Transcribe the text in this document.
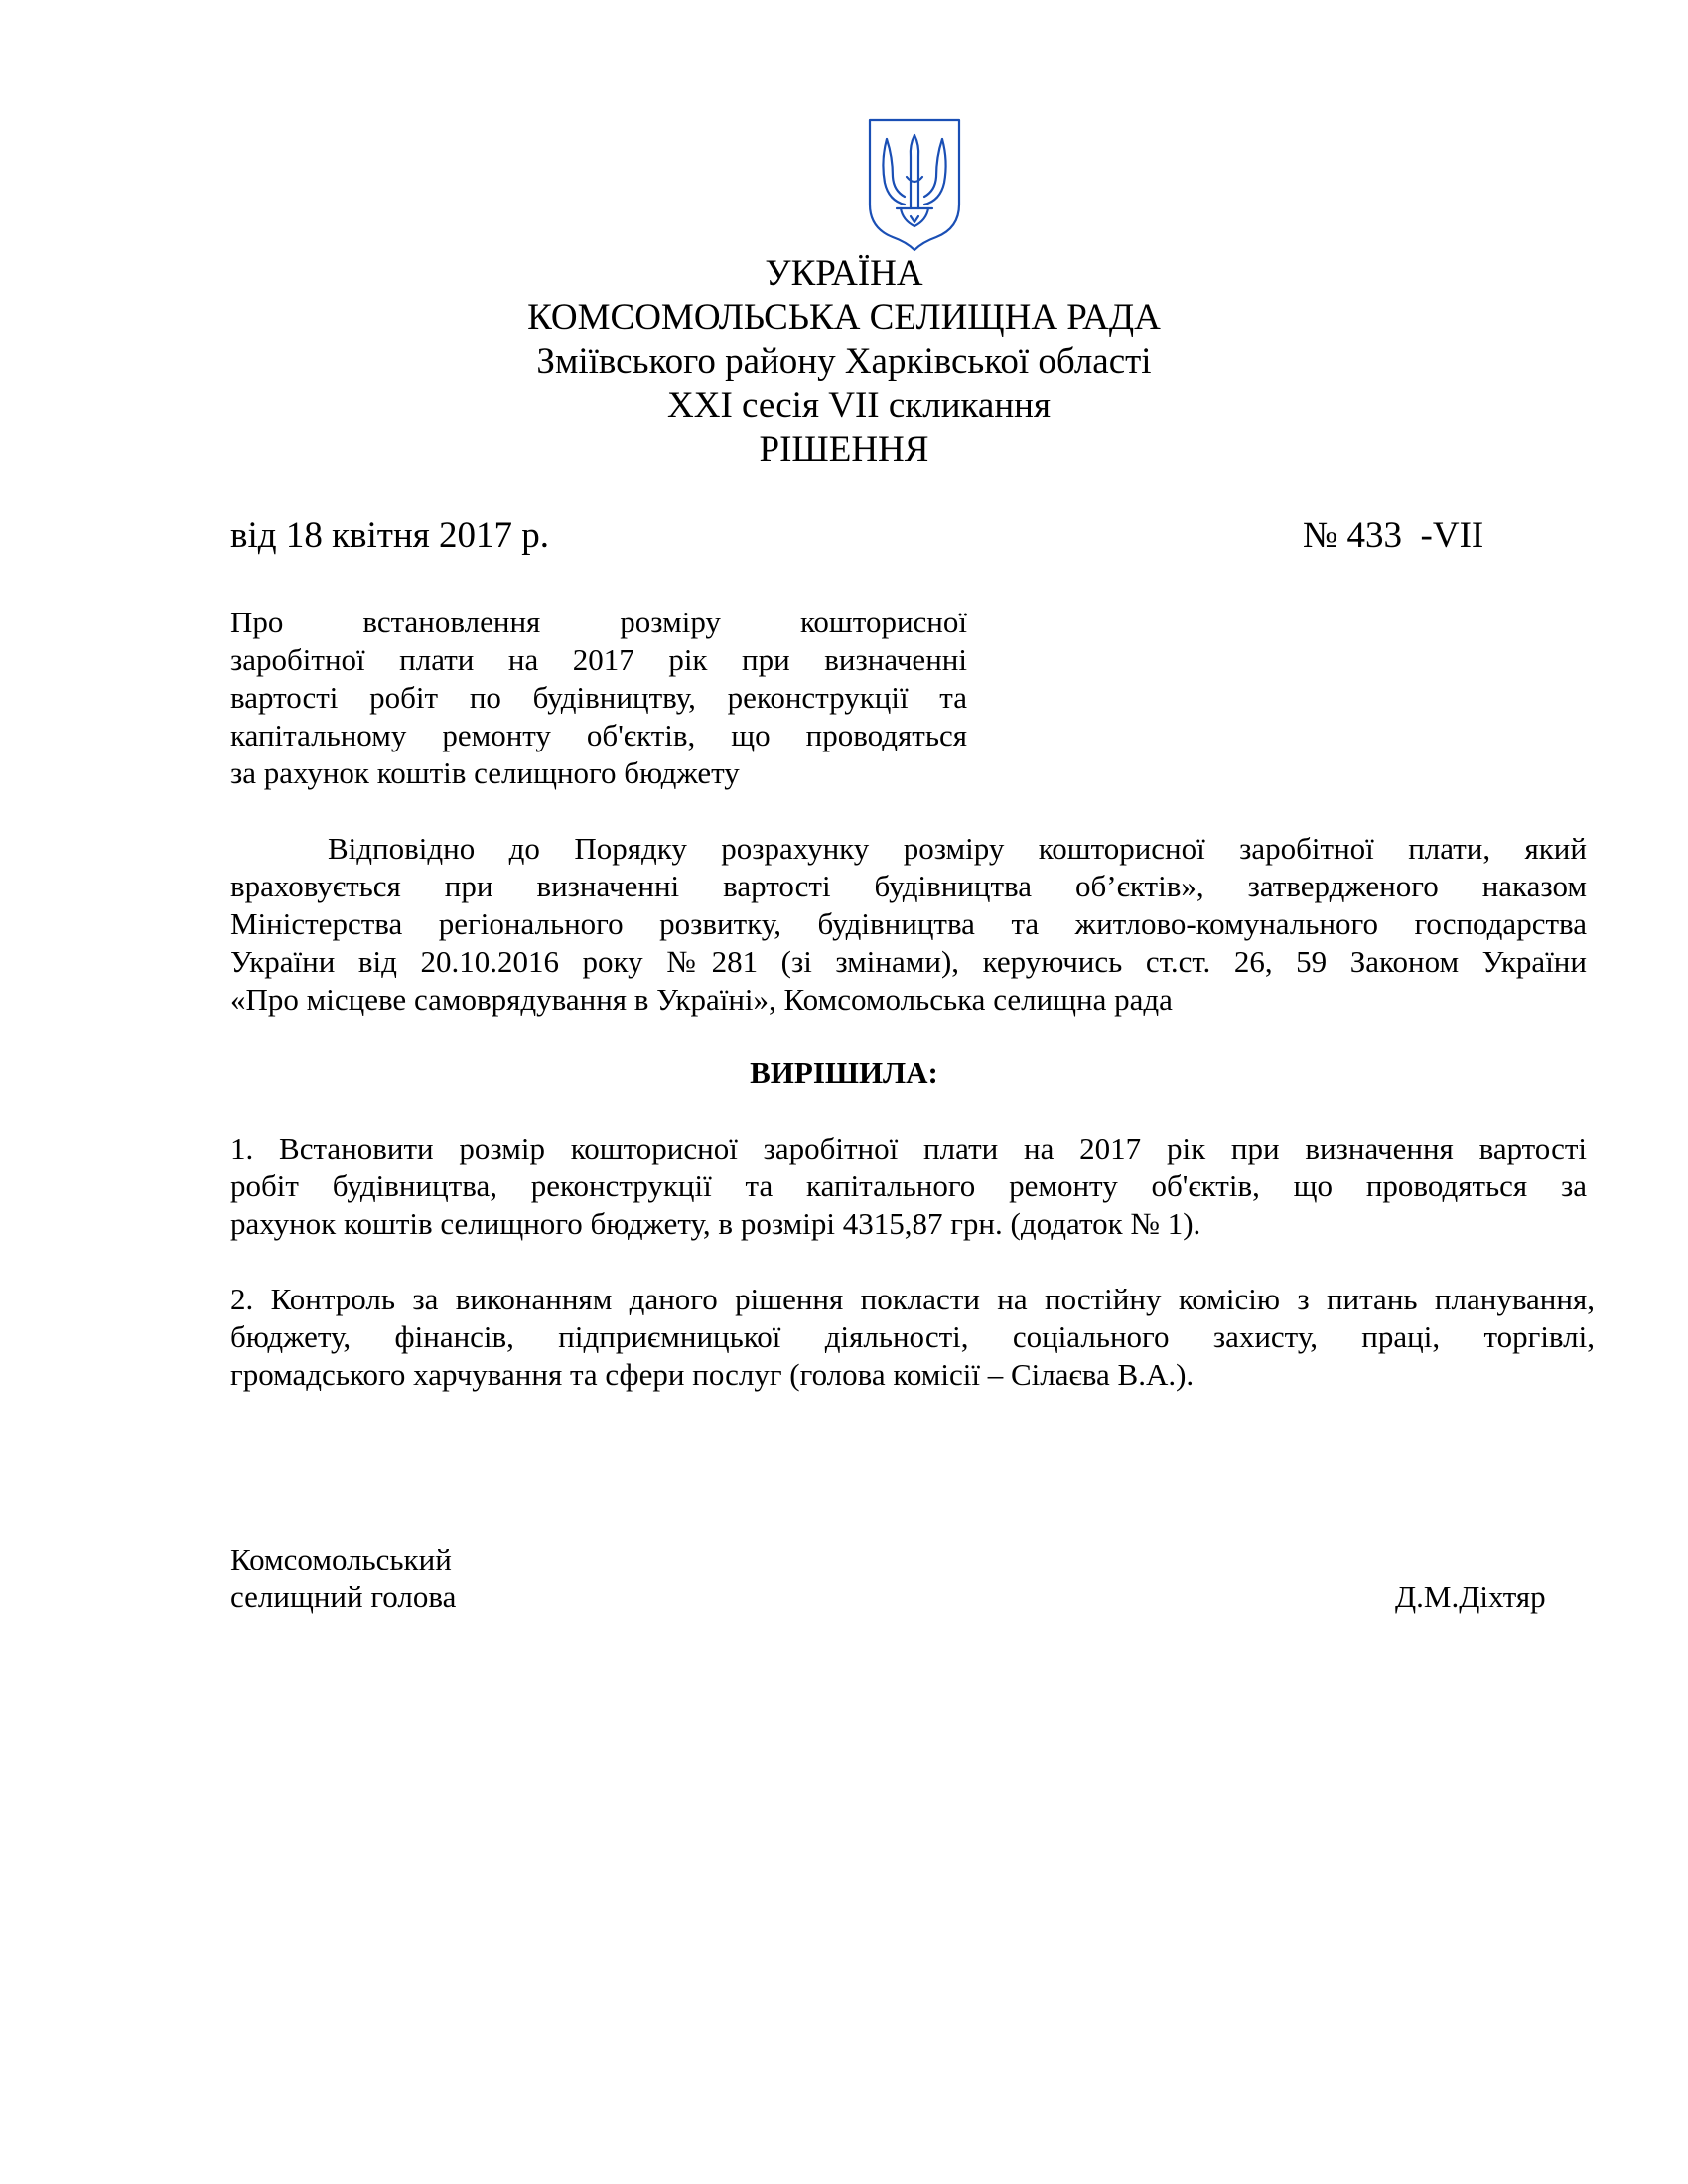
УКРАЇНА
КОМСОМОЛЬСЬКА СЕЛИЩНА РАДА
Зміївського району Харківської області
XXI сесія VII скликання
РІШЕННЯ
від 18 квітня 2017 р.	№ 433  -VII
Про встановлення розміру кошторисної
заробітної плати на 2017 рік при визначенні
вартості робіт по будівництву, реконструкції та
капітальному ремонту об'єктів, що проводяться
за рахунок коштів селищного бюджету
Відповідно до Порядку розрахунку розміру кошторисної заробітної плати, який
враховується при визначенні вартості будівництва об’єктів», затвердженого наказом
Міністерства регіонального розвитку, будівництва та житлово-комунального господарства
України від 20.10.2016 року №281 (зі змінами), керуючись ст.ст. 26, 59 Законом України
«Про місцеве самоврядування в Україні», Комсомольська селищна рада
ВИРІШИЛА:
1. Встановити розмір кошторисної заробітної плати на 2017 рік при визначення вартості
робіт будівництва, реконструкції та капітального ремонту об'єктів, що проводяться за
рахунок коштів селищного бюджету, в розмірі 4315,87 грн. (додаток № 1).
2. Контроль за виконанням даного рішення покласти на постійну комісію з питань планування,
бюджету, фінансів, підприємницької діяльності, соціального захисту, праці, торгівлі,
громадського харчування та сфери послуг (голова комісії – Сілаєва В.А.).
Комсомольський
селищний голова	Д.М.Діхтяр
